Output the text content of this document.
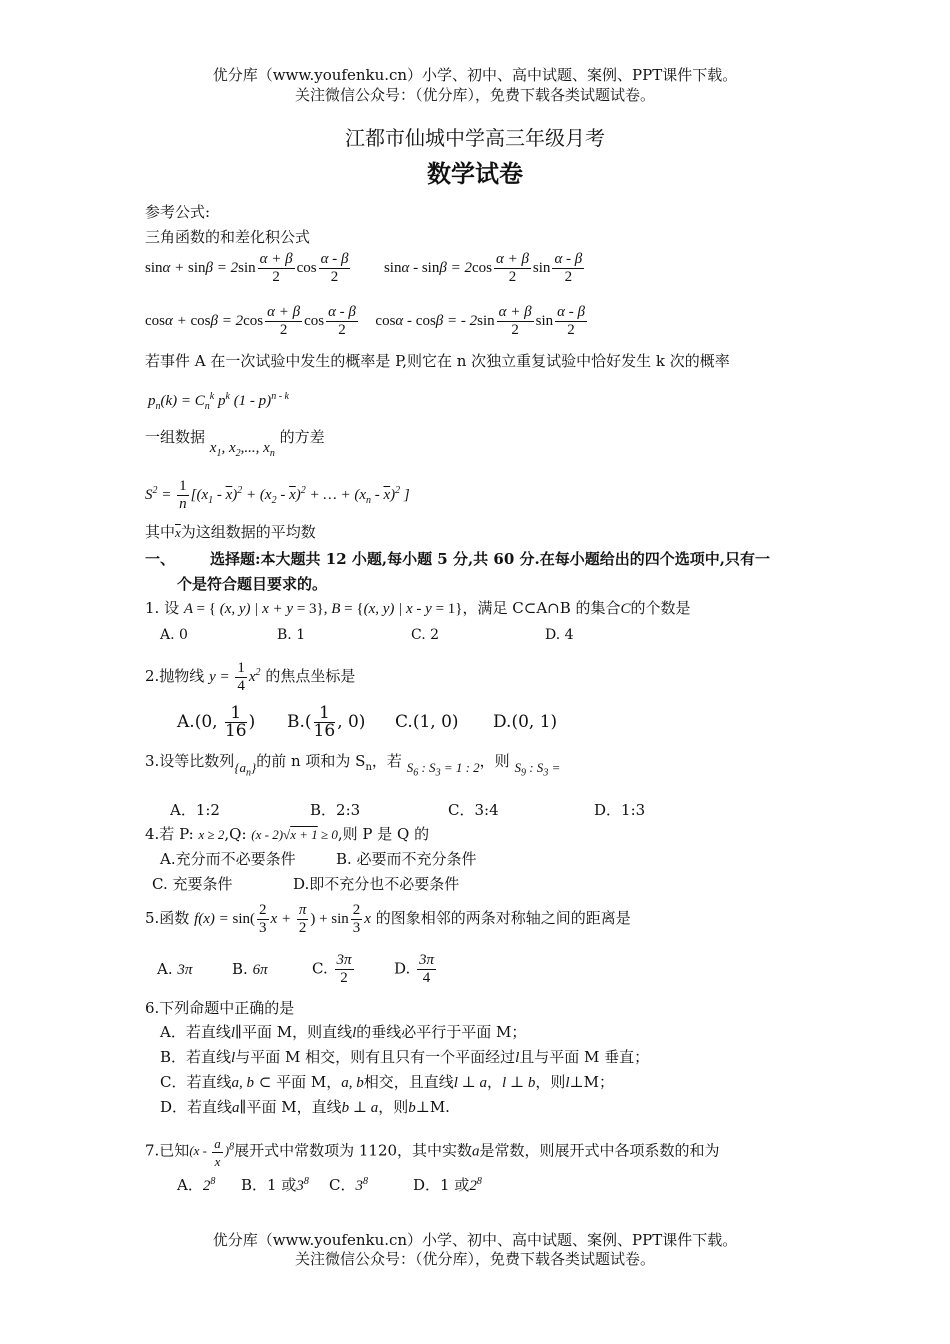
优分库（www.youfenku.cn）小学、初中、高中试题、案例、PPT课件下载。
关注微信公众号：（优分库），免费下载各类试题试卷。
江都市仙城中学高三年级月考
数学试卷
参考公式:
三角函数的和差化积公式
$\sin\alpha + \sin\beta = 2\sin \frac{\alpha + \beta}{2}$ $\cos \frac{\alpha - \beta}{2}$ $\sin\alpha - \sin\beta = 2\cos \frac{\alpha + \beta}{2}$ $\sin \frac{\alpha - \beta}{2}$
$\cos\alpha + \cos\beta = 2\cos \frac{\alpha + \beta}{2}$ $\cos \frac{\alpha - \beta}{2}$ cosα - cosβ = - $2\sin \frac{\alpha + \beta}{2}$ $\sin \frac{\alpha - \beta}{2}$
若事件 A 在一次试验中发生的概率是 P,则它在 n 次独立重复试验中恰好发生 k 次的概率
$p_n(k) = C_n^k$ $p^k$ (1 - p)$^{n - k}$
一组数据 $x_1$, $x_2$,..., $x_n$ 的方差
$S^2 = \frac{1}{n} [(x_1 - \overline{x})^2 + (x_2 - \overline{x})^2$ + … + $(x_n - \overline{x})^2$ ]
其中$\overline{x}$为这组数据的平均数
一、 选择题:本大题共 12 小题,每小题 5 分,共 60 分.在每小题给出的四个选项中,只有一
个是符合题目要求的。
1. 设 A = { (x, y) | x + y = 3}, B = {(x, y) | x - y = 1}，满足 C⊂A∩B 的集合C的个数是
A. 0	B. 1	C. 2	D. 4
2.抛物线 $y = \frac{1}{4} x^2$ 的焦点坐标是
A.(0, $\frac{1}{16}$ ) $B.( \frac{1}{16}$ , 0) C.(1, 0) D.(0, 1)
3.设等比数列$\{a_n\}$的前 n 项和为 $S_n$，若 $S_6$ : $S_3 = 1$ : 2，则 $S_9$ : $S_3$ =
A．1:2	B．2:3	C．3:4	D．1:3
4.若 P: x ≥ 2,Q: (x - 2)√x + 1 ≥ 0,则 P 是 Q 的
A.充分而不必要条件	B. 必要而不充分条件
C. 充要条件	D.即不充分也不必要条件
5.函数 $f(x) = \sin( \frac{2}{3}$ $x + \frac{\pi}{2}$ ) + $\sin \frac{2}{3}$ x 的图象相邻的两条对称轴之间的距离是
A. 3π	B. 6π	C. $\frac{3\pi}{2}$	D. $\frac{3\pi}{4}$
6.下列命题中正确的是
A．若直线l∥平面 M，则直线l的垂线必平行于平面 M；
B．若直线l与平面 M 相交，则有且只有一个平面经过l且与平面 M 垂直；
C．若直线a, b ⊂ 平面 M，a, b相交，且直线l ⊥ a，l ⊥ b，则l⊥M；
D．若直线a∥平面 M，直线b ⊥ a，则b⊥M.
7.已知$(x - \frac{a}{x} )^8$展开式中常数项为 1120，其中实数a是常数，则展开式中各项系数的和为
A．$2^8$ B．1 或$3^8$ C．$3^8$	D．1 或$2^8$
优分库（www.youfenku.cn）小学、初中、高中试题、案例、PPT课件下载。
关注微信公众号：（优分库），免费下载各类试题试卷。
